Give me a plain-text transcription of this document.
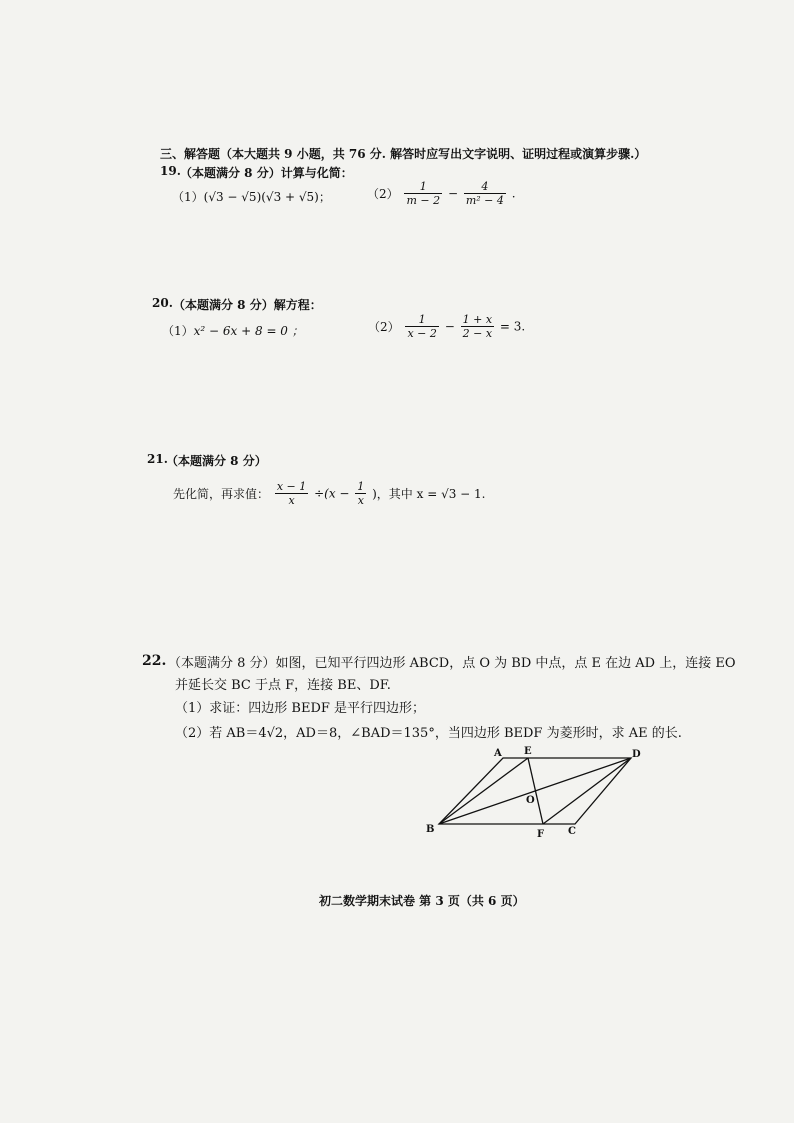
三、解答题（本大题共 9 小题，共 76 分. 解答时应写出文字说明、证明过程或演算步骤.）
19. （本题满分 8 分）计算与化简：
（1）(√3 − √5)(√3 + √5)；	$(2) \frac{1}{m - 2} - \frac{4}{\text{m² − 4}}$ .
20. （本题满分 8 分）解方程：
（1）x² − 6x + 8 = 0 ；	$(2) \frac{1}{x - 2} - \frac{1 + x}{2 - x} = 3$.
21.
（本题满分 8 分）
先化简，再求值： $\frac{x - 1}{x} \div(x - \frac{1}{x}$ )，其中 x = √3 − 1.
22. （本题满分 8 分）如图，已知平行四边形 ABCD，点 O 为 BD 中点，点 E 在边 AD 上，连接 EO
并延长交 BC 于点 F，连接 BE、DF.
（1）求证：四边形 BEDF 是平行四边形；
（2）若 AB＝4√2，AD＝8，∠BAD＝135°，当四边形 BEDF 为菱形时，求 AE 的长.
A E	D
O
B	F C
初二数学期末试卷 第 3 页（共 6 页）
